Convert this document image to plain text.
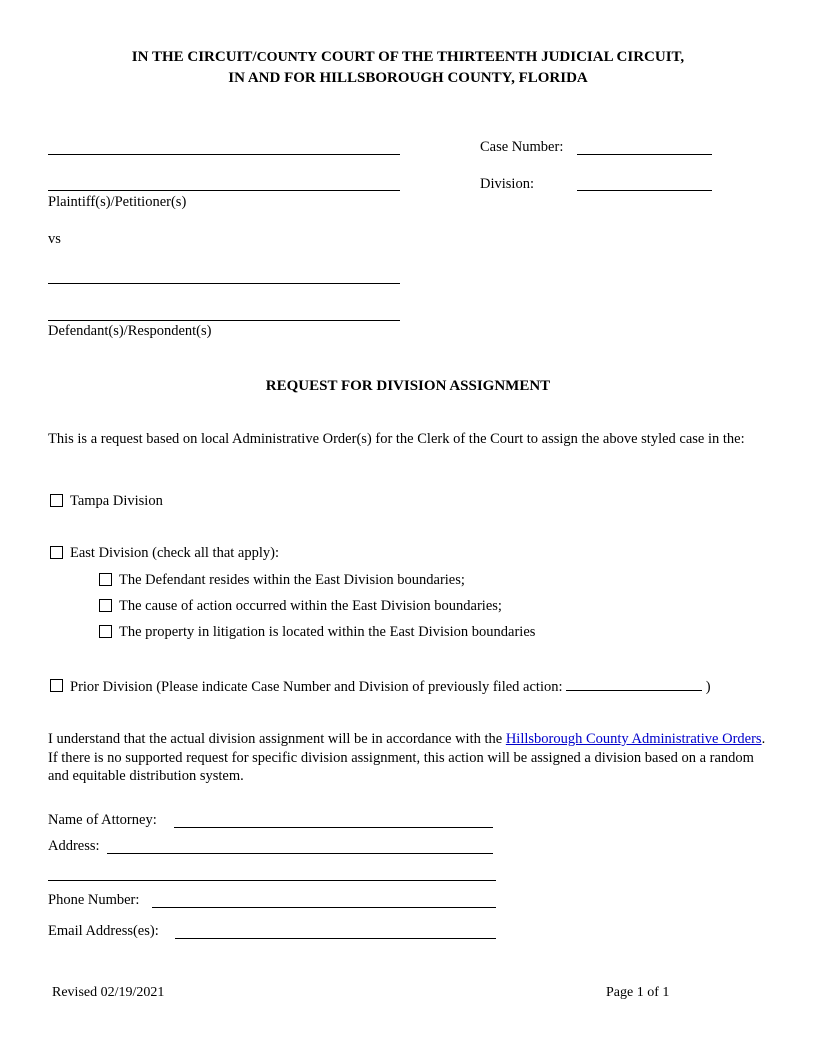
IN THE CIRCUIT/COUNTY COURT OF THE THIRTEENTH JUDICIAL CIRCUIT,
IN AND FOR HILLSBOROUGH COUNTY, FLORIDA
Plaintiff(s)/Petitioner(s)
vs
Defendant(s)/Respondent(s)
Case Number:
Division:
REQUEST FOR DIVISION ASSIGNMENT
This is a request based on local Administrative Order(s) for the Clerk of the Court to assign the above styled case in the:
Tampa Division
East Division (check all that apply):
The Defendant resides within the East Division boundaries;
The cause of action occurred within the East Division boundaries;
The property in litigation is located within the East Division boundaries
Prior Division (Please indicate Case Number and Division of previously filed action:	)
I understand that the actual division assignment will be in accordance with the Hillsborough County Administrative Orders. If there is no supported request for specific division assignment, this action will be assigned a division based on a random and equitable distribution system.
Name of Attorney:
Address:
Phone Number:
Email Address(es):
Revised 02/19/2021	Page 1 of 1
